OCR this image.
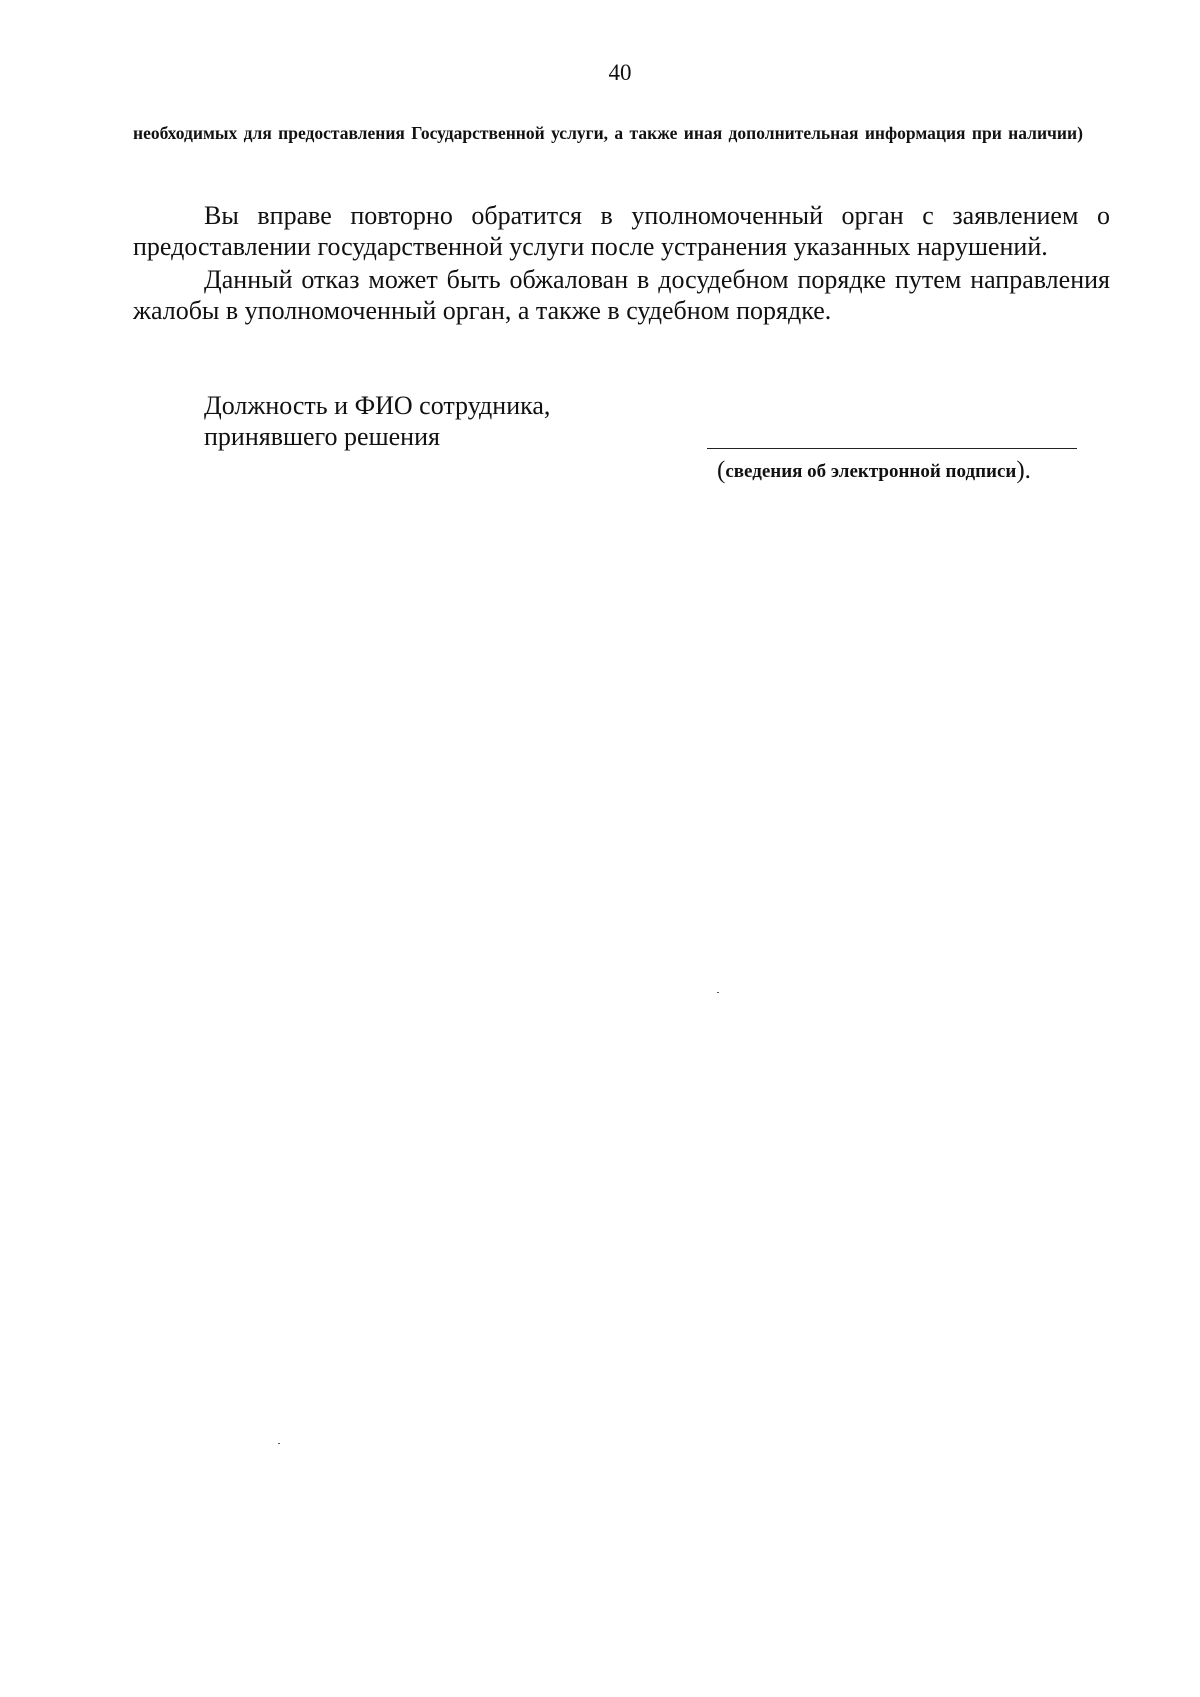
40
необходимых для предоставления Государственной услуги, а также иная дополнительная информация при наличии)

Вы вправе повторно обратится в уполномоченный орган с заявлением о предоставлении государственной услуги после устранения указанных нарушений.

Данный отказ может быть обжалован в досудебном порядке путем направления жалобы в уполномоченный орган, а также в судебном порядке.

Должность и ФИО сотрудника,
принявшего решения
(сведения об электронной подписи).
